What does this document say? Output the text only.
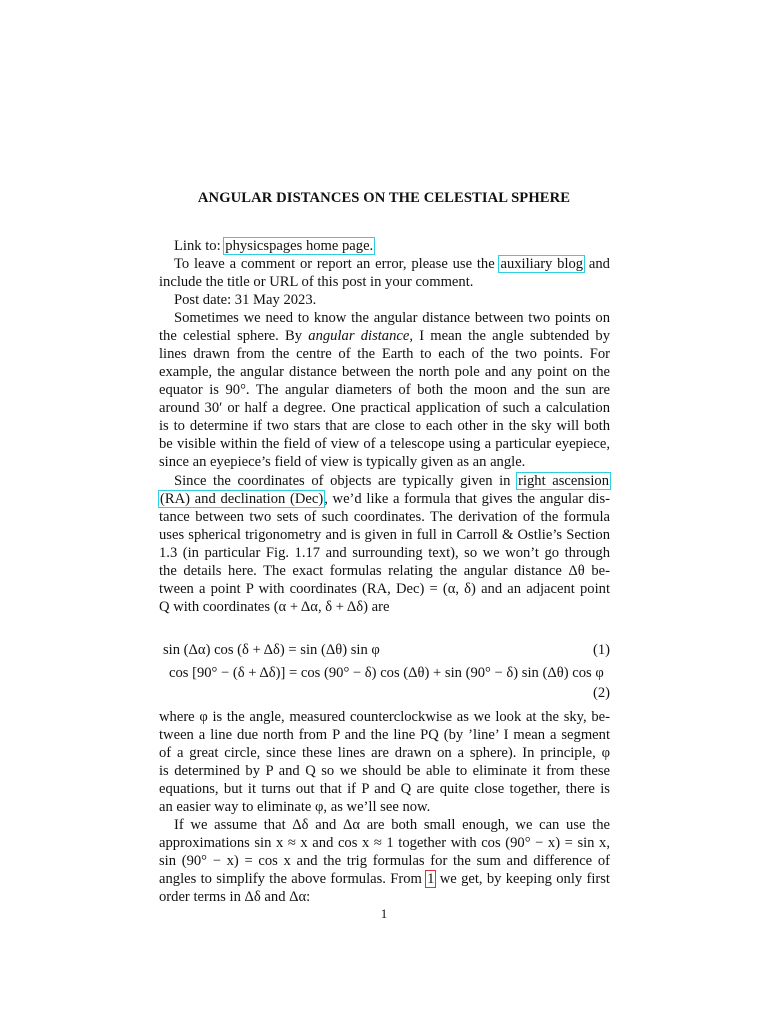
ANGULAR DISTANCES ON THE CELESTIAL SPHERE
Link to: physicspages home page.
To leave a comment or report an error, please use the auxiliary blog and
include the title or URL of this post in your comment.
Post date: 31 May 2023.
Sometimes we need to know the angular distance between two points on
the celestial sphere. By angular distance, I mean the angle subtended by
lines drawn from the centre of the Earth to each of the two points. For
example, the angular distance between the north pole and any point on the
equator is 90°. The angular diameters of both the moon and the sun are
around 30′ or half a degree. One practical application of such a calculation
is to determine if two stars that are close to each other in the sky will both
be visible within the field of view of a telescope using a particular eyepiece,
since an eyepiece’s field of view is typically given as an angle.
Since the coordinates of objects are typically given in right ascension
(RA) and declination (Dec), we’d like a formula that gives the angular dis-
tance between two sets of such coordinates. The derivation of the formula
uses spherical trigonometry and is given in full in Carroll & Ostlie’s Section
1.3 (in particular Fig. 1.17 and surrounding text), so we won’t go through
the details here. The exact formulas relating the angular distance Δθ be-
tween a point P with coordinates (RA, Dec) = (α, δ) and an adjacent point
Q with coordinates (α + Δα, δ + Δδ) are
sin (Δα) cos (δ + Δδ) = sin (Δθ) sin φ	(1)
cos [90° − (δ + Δδ)] = cos (90° − δ) cos (Δθ) + sin (90° − δ) sin (Δθ) cos φ
(2)
where φ is the angle, measured counterclockwise as we look at the sky, be-
tween a line due north from P and the line PQ (by ’line’ I mean a segment
of a great circle, since these lines are drawn on a sphere). In principle, φ
is determined by P and Q so we should be able to eliminate it from these
equations, but it turns out that if P and Q are quite close together, there is
an easier way to eliminate φ, as we’ll see now.
If we assume that Δδ and Δα are both small enough, we can use the
approximations sin x ≈ x and cos x ≈ 1 together with cos (90° − x) = sin x,
sin (90° − x) = cos x and the trig formulas for the sum and difference of
angles to simplify the above formulas. From 1 we get, by keeping only first
order terms in Δδ and Δα:
1
